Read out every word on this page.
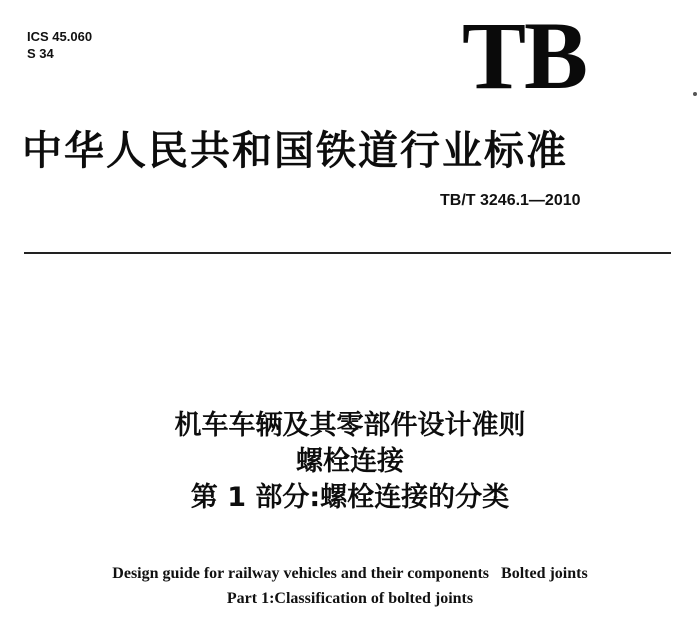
ICS 45.060
S 34	TB
中华人民共和国铁道行业标准
TB/T 3246.1—2010
机车车辆及其零部件设计准则
螺栓连接
第 1 部分:螺栓连接的分类
Design guide for railway vehicles and their components   Bolted joints
Part 1:Classification of bolted joints
